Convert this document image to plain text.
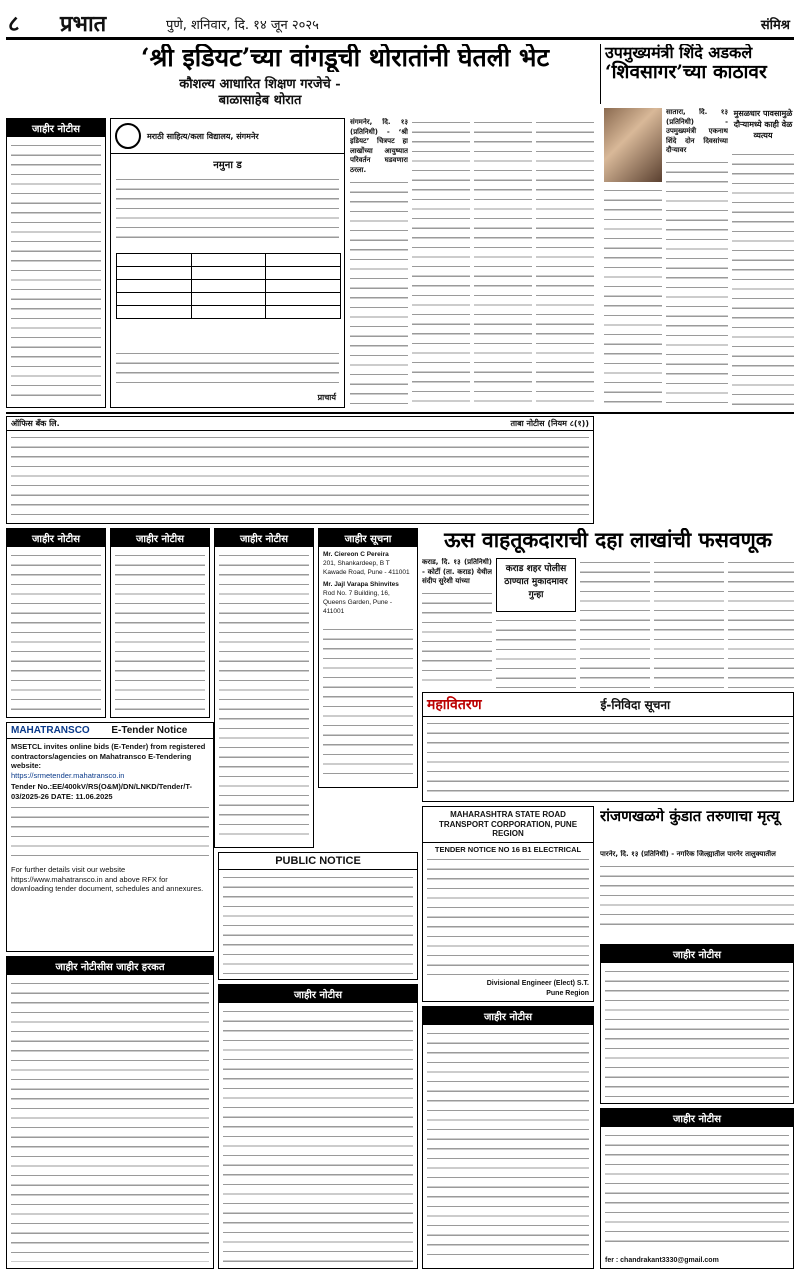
८ प्रभात	पुणे, शनिवार, दि. १४ जून २०२५	संमिश्र
‘श्री इडियट’च्या वांगडूची थोरातांनी घेतली भेट
कौशल्य आधारित शिक्षण गरजेचे -
बाळासाहेब थोरात
जाहीर नोटीस
मराठी साहित्य/कला विद्यालय, संगमनेर
नमुना ड

प्राचार्य
संगमनेर, दि. १३ (प्रतिनिधी) - ‘श्री इडियट’ चित्रपट हा लाखोंच्या आयुष्यात परिवर्तन घडवणारा ठरला.
उपमुख्यमंत्री शिंदे अडकले
‘शिवसागर’च्या काठावर
सातारा, दि. १३ (प्रतिनिधी) - उपमुख्यमंत्री एकनाथ शिंदे दोन दिवसांच्या दौऱ्यावर
मुसळधार पावसामुळे दौऱ्यामध्ये काही वेळ व्यत्यय
ऑफिस बँक लि.	ताबा नोटीस (नियम ८(१))
ऊस वाहतूकदाराची दहा लाखांची फसवणूक
कराड, दि. १३ (प्रतिनिधी) - कोर्टी (ता. कराड) येथील संदीप सुरेशी यांच्या
कराड शहर पोलीस
ठाण्यात मुकादमावर
गुन्हा
जाहीर नोटीस	जाहीर नोटीस	जाहीर नोटीस	जाहीर सूचना
Mr. Ciereon C Pereira
201, Shankardeep, B T Kawade Road, Pune - 411001
Mr. Jajl Varapa Shinvites
Rod No. 7 Building, 16, Queens Garden, Pune - 411001
महावितरण	ई-निविदा सूचना
रांजणखळगे कुंडात तरुणाचा मृत्यू
MAHATRANSCO	E-Tender Notice
MSETCL invites online bids (E-Tender) from registered contractors/agencies on Mahatransco E-Tendering website:
https://srmetender.mahatransco.in
Tender No.:EE/400kV/RS(O&M)/DN/LNKD/Tender/T-03/2025-26 DATE: 11.06.2025
For further details visit our website https://www.mahatransco.in and above RFX for downloading tender document, schedules and annexures.
PUBLIC NOTICE
MAHARASHTRA STATE ROAD TRANSPORT CORPORATION, PUNE REGION
TENDER NOTICE NO 16 B1 ELECTRICAL
Divisional Engineer (Elect) S.T. Pune Region
पारनेर, दि. १३ (प्रतिनिधी) - नगरिक जिल्ह्यातील पारनेर तालुक्यातील
जाहीर नोटीस
जाहीर नोटीसीस जाहीर हरकत
जाहीर नोटीस
जाहीर नोटीस
जाहीर नोटीस
fer : chandrakant3330@gmail.com
